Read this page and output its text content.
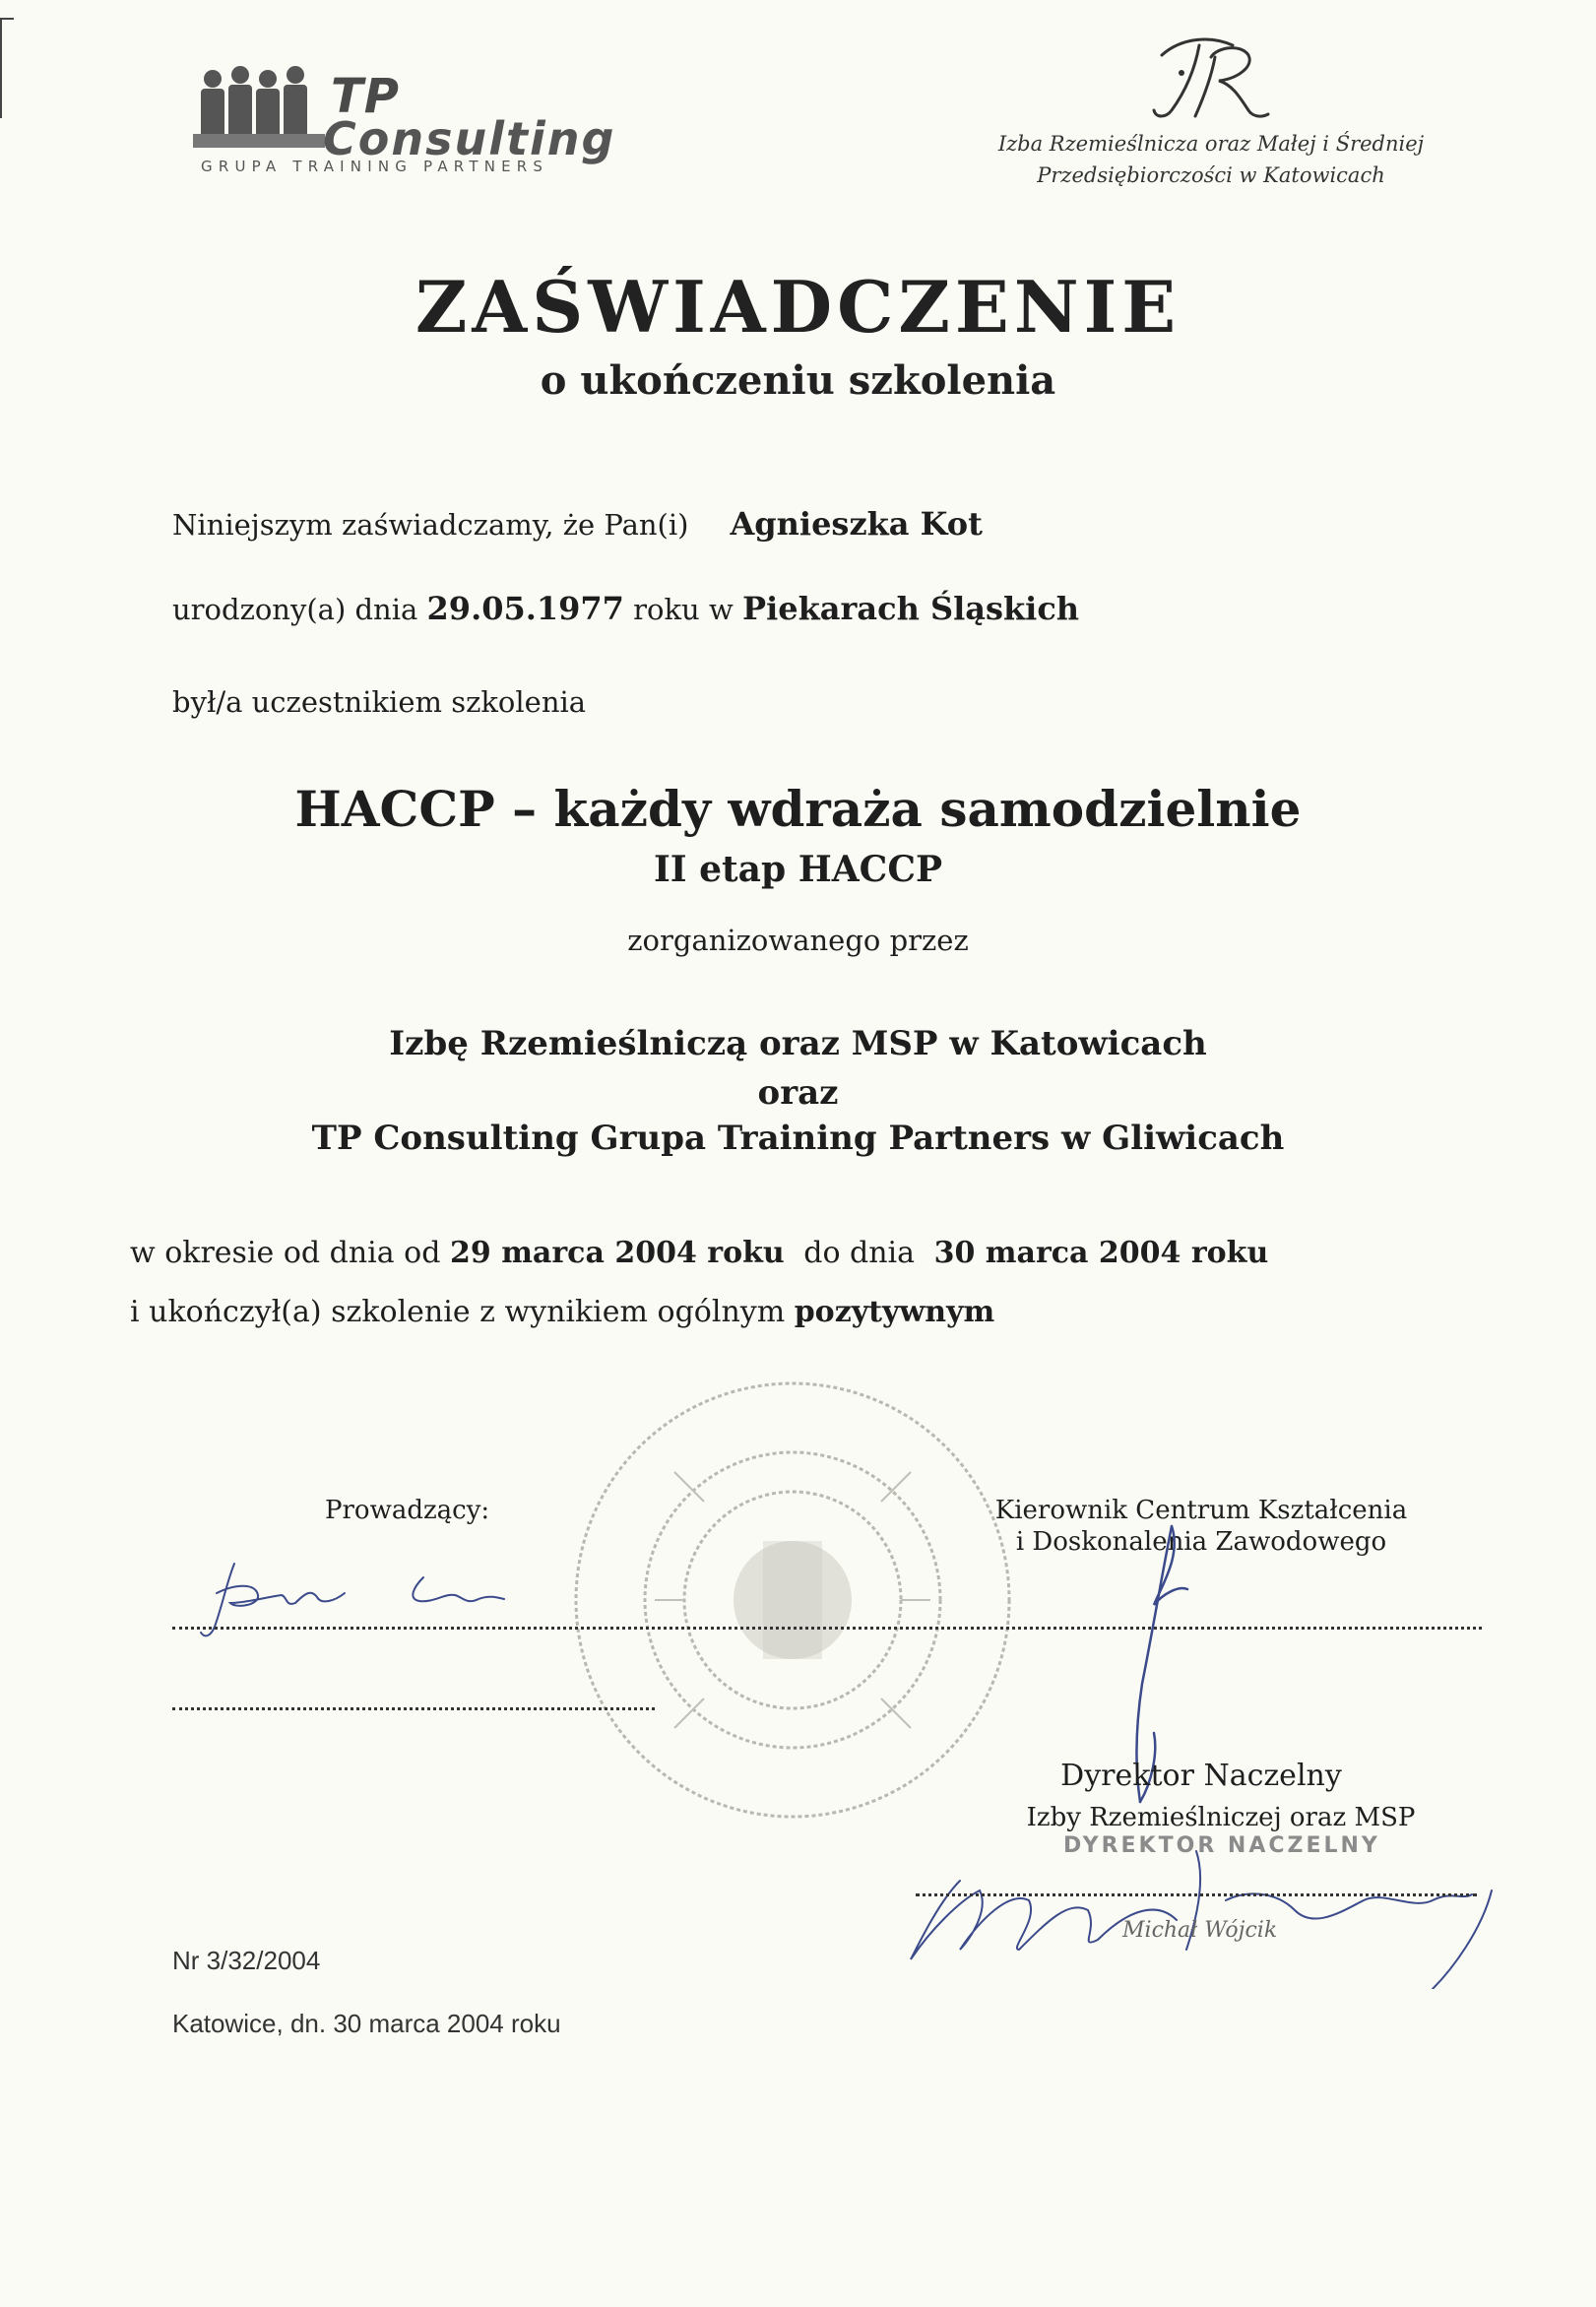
TP
Consulting
GRUPA TRAINING PARTNERS
Izba Rzemieślnicza oraz Małej i Średniej
Przedsiębiorczości w Katowicach
ZAŚWIADCZENIE
o ukończeniu szkolenia
Niniejszym zaświadczamy, że Pan(i) Agnieszka Kot
urodzony(a) dnia 29.05.1977 roku w Piekarach Śląskich
był/a uczestnikiem szkolenia
HACCP – każdy wdraża samodzielnie
II etap HACCP
zorganizowanego przez
Izbę Rzemieślniczą oraz MSP w Katowicach
oraz
TP Consulting Grupa Training Partners w Gliwicach
w okresie od dnia od 29 marca 2004 roku do dnia 30 marca 2004 roku
i ukończył(a) szkolenie z wynikiem ogólnym pozytywnym
Prowadzący:	Kierownik Centrum Kształcenia
i Doskonalenia Zawodowego
Dyrektor Naczelny
Izby Rzemieślniczej oraz MSP
DYREKTOR NACZELNY
Michał Wójcik
Nr 3/32/2004
Katowice, dn. 30 marca 2004 roku
